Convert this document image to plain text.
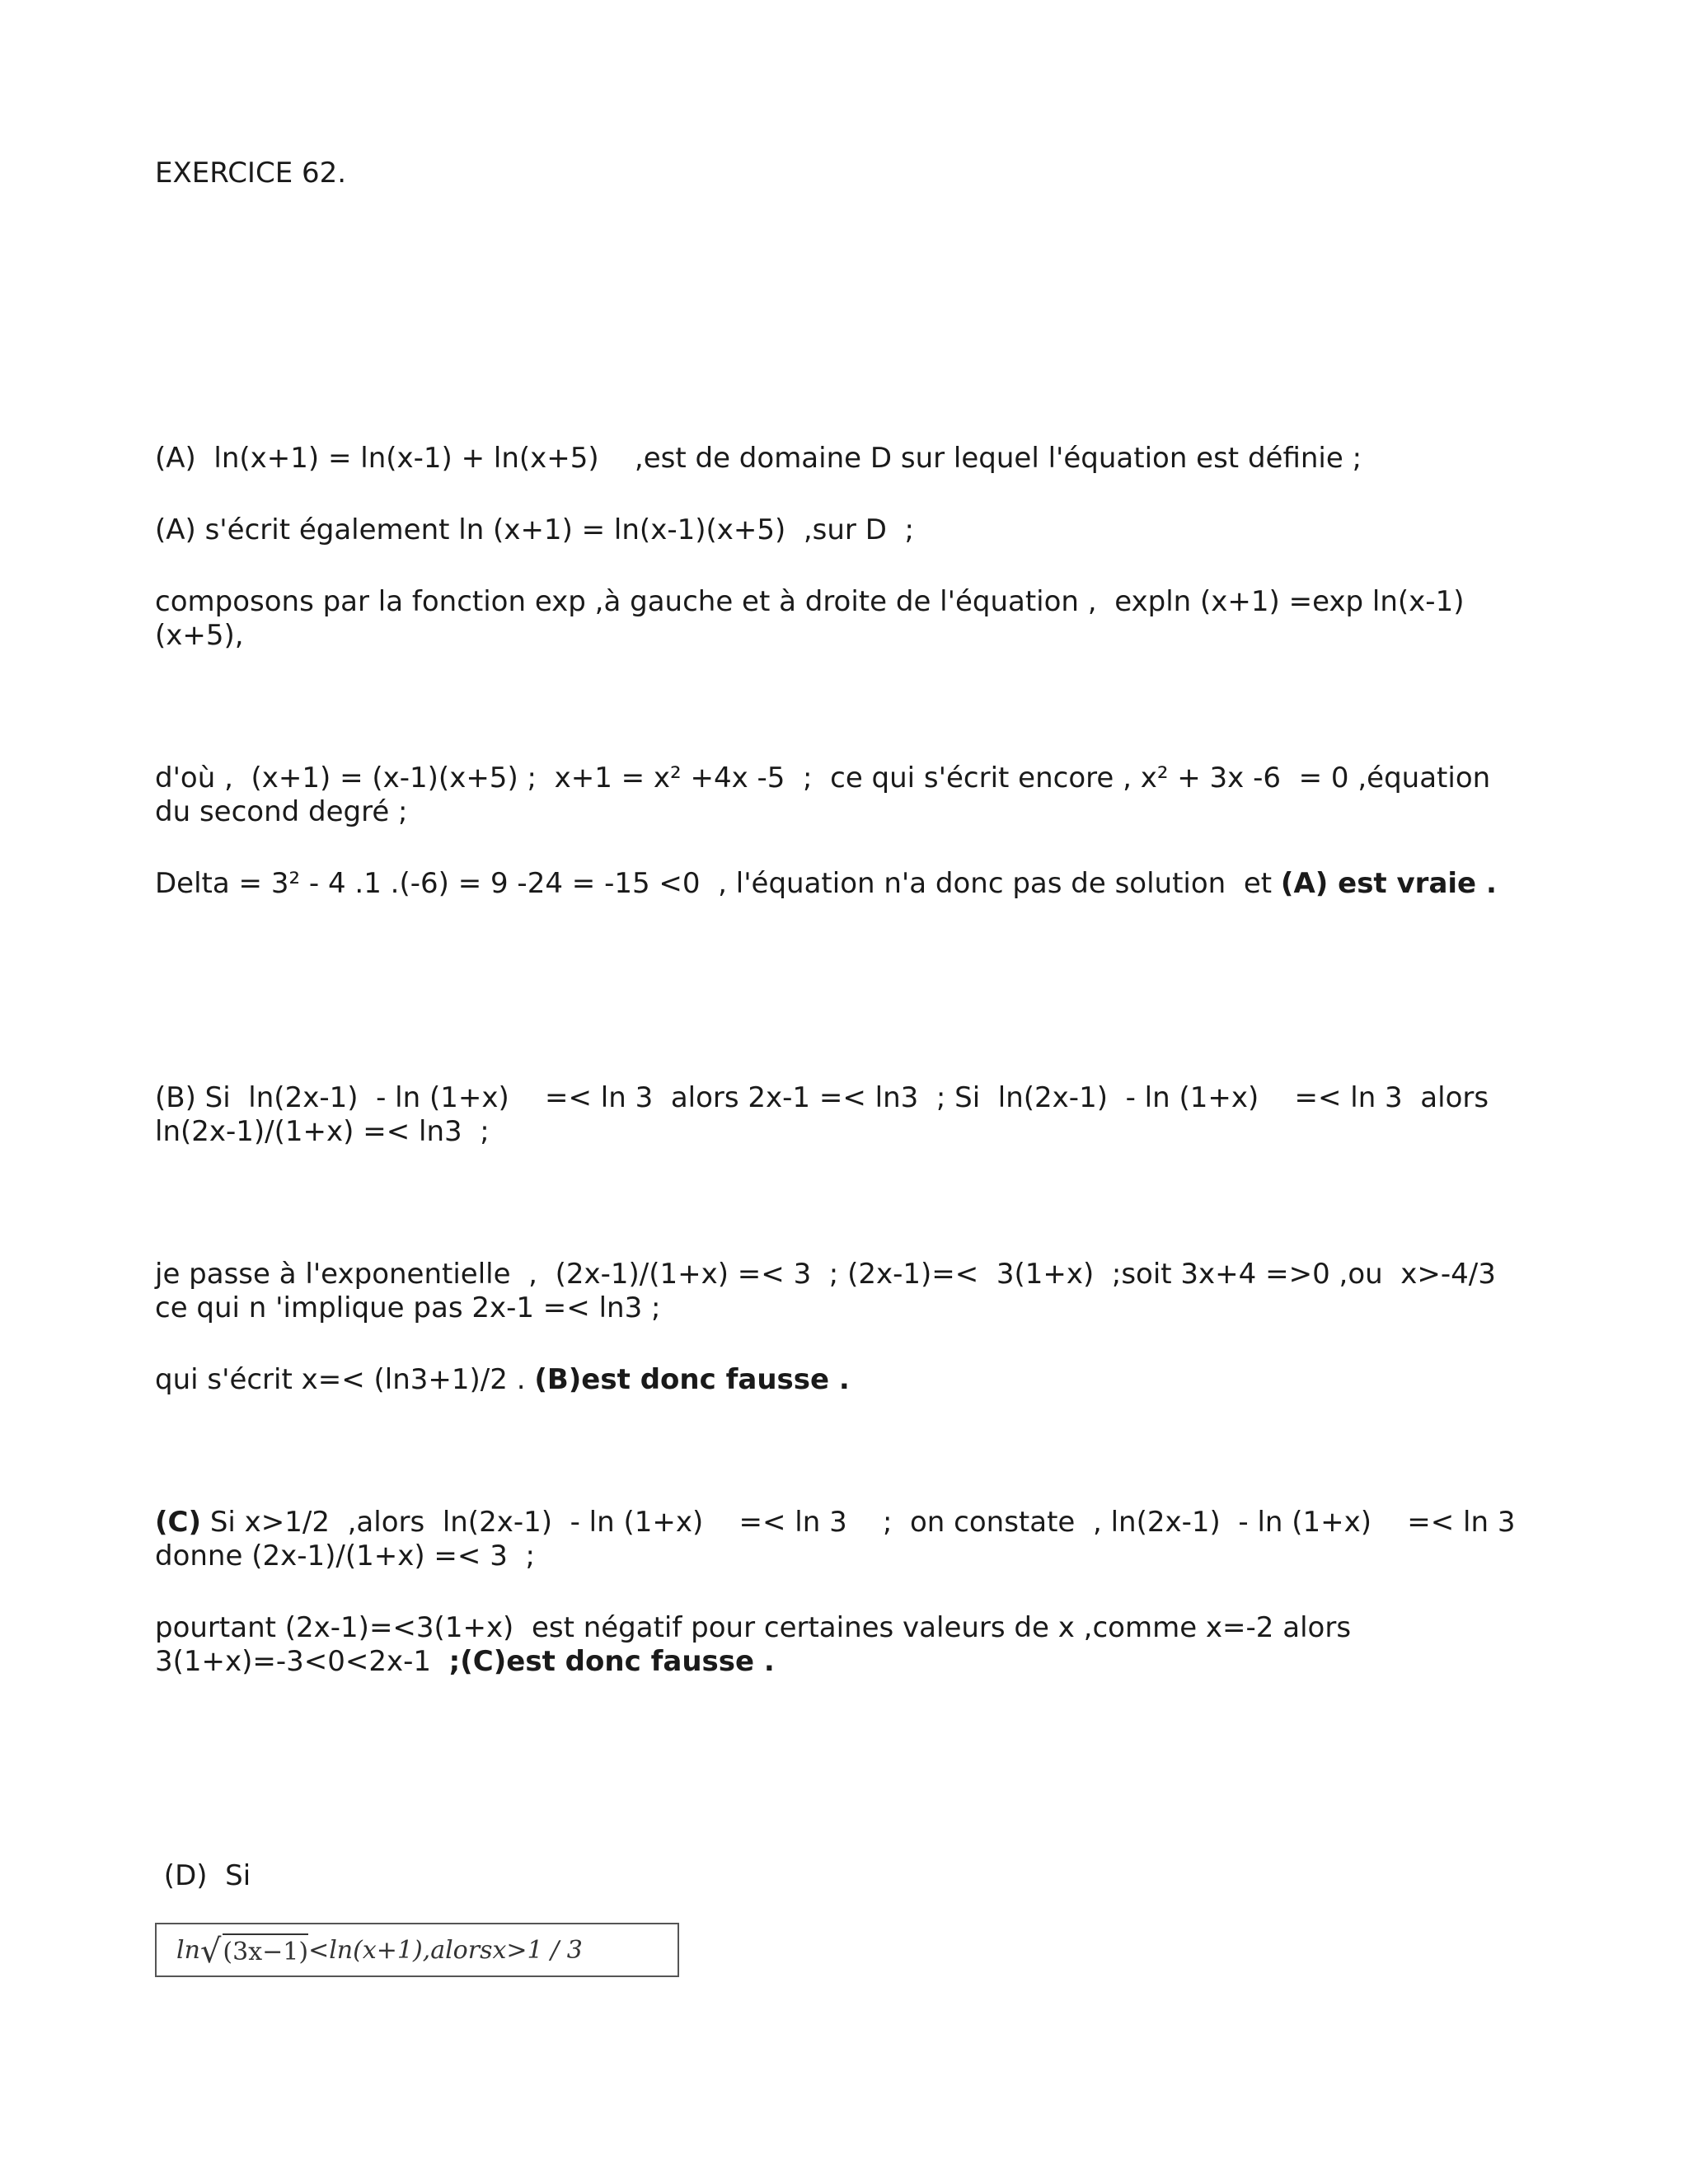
EXERCICE 62.
(A)  ln(x+1) = ln(x-1) + ln(x+5)    ,est de domaine D sur lequel l'équation est définie ;
(A) s'écrit également ln (x+1) = ln(x-1)(x+5)  ,sur D  ;
composons par la fonction exp ,à gauche et à droite de l'équation ,  expln (x+1) =exp ln(x-1)
(x+5),
d'où ,  (x+1) = (x-1)(x+5) ;  x+1 = x² +4x -5  ;  ce qui s'écrit encore , x² + 3x -6  = 0 ,équation
du second degré ;
Delta = 3² - 4 .1 .(-6) = 9 -24 = -15 <0  , l'équation n'a donc pas de solution  et (A) est vraie .
(B) Si  ln(2x-1)  - ln (1+x)    =< ln 3  alors 2x-1 =< ln3  ; Si  ln(2x-1)  - ln (1+x)    =< ln 3  alors
ln(2x-1)/(1+x) =< ln3  ;
je passe à l'exponentielle  ,  (2x-1)/(1+x) =< 3  ; (2x-1)=<  3(1+x)  ;soit 3x+4 =>0 ,ou  x>-4/3
ce qui n 'implique pas 2x-1 =< ln3 ;
qui s'écrit x=< (ln3+1)/2 . (B)est donc fausse .
(C) Si x>1/2  ,alors  ln(2x-1)  - ln (1+x)    =< ln 3    ;  on constate  , ln(2x-1)  - ln (1+x)    =< ln 3
donne (2x-1)/(1+x) =< 3  ;
pourtant (2x-1)=<3(1+x)  est négatif pour certaines valeurs de x ,comme x=-2 alors
3(1+x)=-3<0<2x-1  ;(C)est donc fausse .
(D)  Si
ln √ (3x−1) <ln(x+1),alorsx>1 / 3
